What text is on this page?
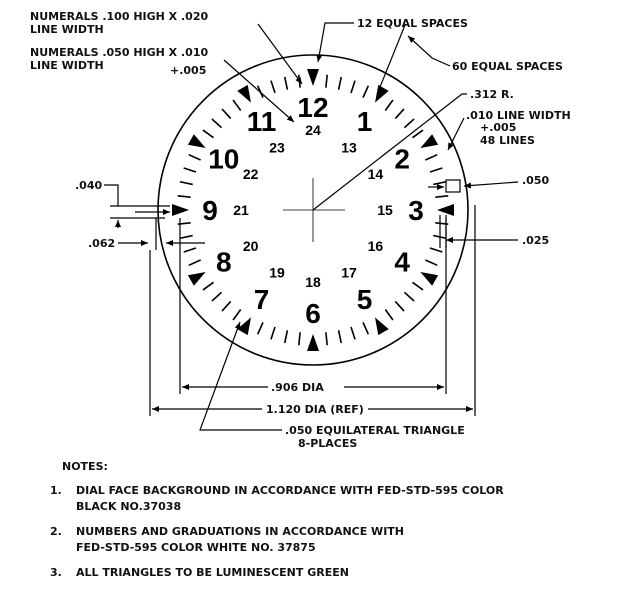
12 1
2
3
4
5
6
7
8
9
10
11 24
13
14
15
16
17
18
19
20
21
22
23
NUMERALS .100 HIGH X .020
LINE WIDTH
NUMERALS .050 HIGH X .010
LINE WIDTH	+.005
12 EQUAL SPACES
60 EQUAL SPACES
.312 R.
.010 LINE WIDTH
+.005
48 LINES
.040
.062
.050
.025
.906 DIA
1.120 DIA (REF)
.050 EQUILATERAL TRIANGLE
8-PLACES
NOTES:
1.	DIAL FACE BACKGROUND IN ACCORDANCE WITH FED-STD-595 COLOR
BLACK NO.37038
2.	NUMBERS AND GRADUATIONS IN ACCORDANCE WITH
FED-STD-595 COLOR WHITE NO. 37875
3.	ALL TRIANGLES TO BE LUMINESCENT GREEN
